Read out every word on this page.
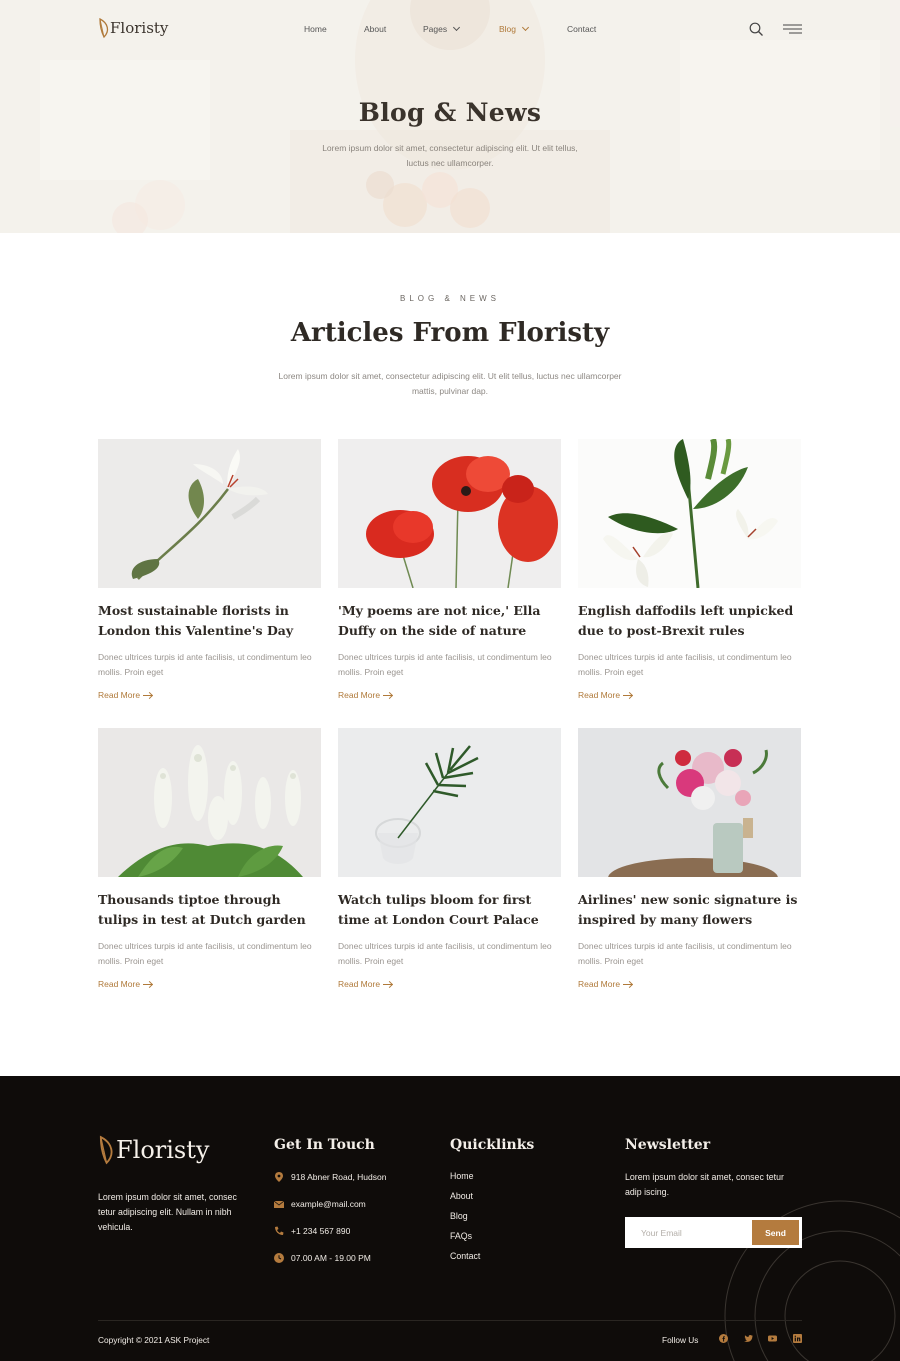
Floristy	Home	About	Pages	Blog	Contact
Blog & News

Lorem ipsum dolor sit amet, consectetur adipiscing elit. Ut elit tellus, luctus nec ullamcorper.

BLOG & NEWS
Articles From Floristy

Lorem ipsum dolor sit amet, consectetur adipiscing elit. Ut elit tellus, luctus nec ullamcorper mattis, pulvinar dap.

Most sustainable florists in London this Valentine's Day

Donec ultrices turpis id ante facilisis, ut condimentum leo mollis. Proin eget

Read More
'My poems are not nice,' Ella Duffy on the side of nature

Donec ultrices turpis id ante facilisis, ut condimentum leo mollis. Proin eget

Read More
English daffodils left unpicked due to post-Brexit rules

Donec ultrices turpis id ante facilisis, ut condimentum leo mollis. Proin eget

Read More
Thousands tiptoe through tulips in test at Dutch garden

Donec ultrices turpis id ante facilisis, ut condimentum leo mollis. Proin eget

Read More
Watch tulips bloom for first time at London Court Palace

Donec ultrices turpis id ante facilisis, ut condimentum leo mollis. Proin eget

Read More
Airlines' new sonic signature is inspired by many flowers

Donec ultrices turpis id ante facilisis, ut condimentum leo mollis. Proin eget

Read More
Floristy

Lorem ipsum dolor sit amet, consec tetur adipiscing elit. Nullam in nibh vehicula.

Get In Touch
918 Abner Road, Hudson
example@mail.com
+1 234 567 890
07.00 AM - 19.00 PM
Quicklinks
Home
About
Blog
FAQs
Contact
Newsletter

Lorem ipsum dolor sit amet, consec tetur adip iscing.

Your Email
Send

Copyright © 2021 ASK Project	Follow Us
